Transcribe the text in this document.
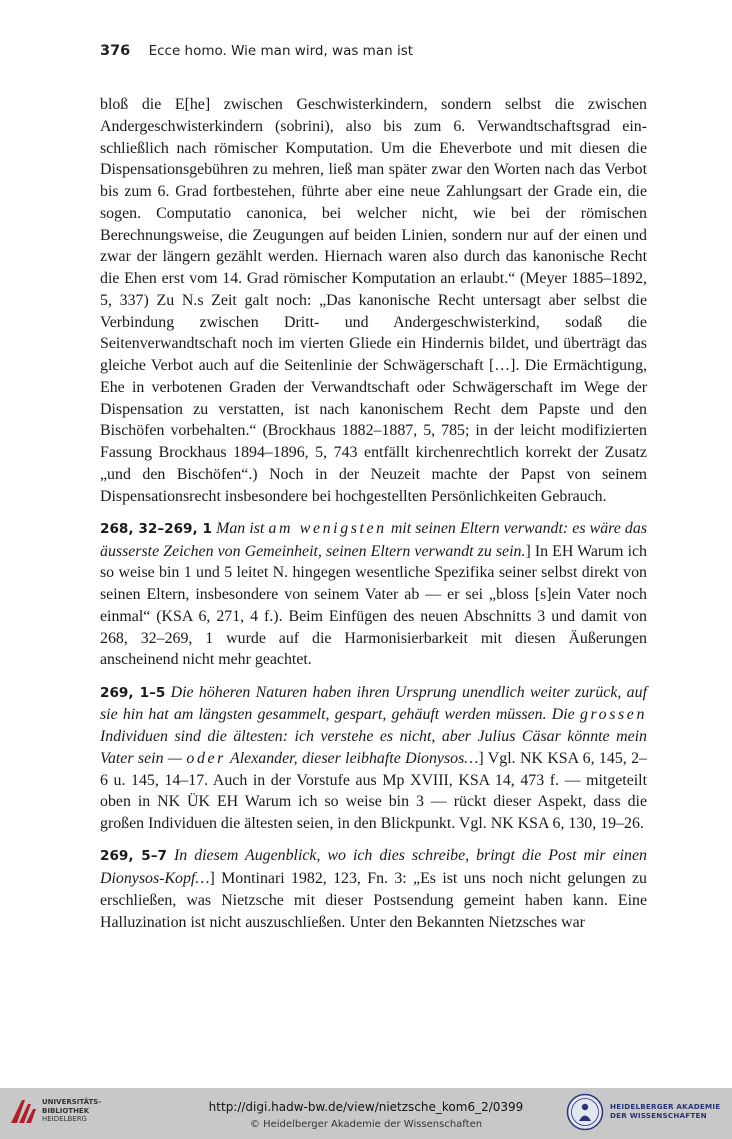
376 Ecce homo. Wie man wird, was man ist

bloß die E[he] zwischen Geschwisterkindern, sondern selbst die zwischen Andergeschwisterkindern (sobrini), also bis zum 6. Verwandtschaftsgrad einschließlich nach römischer Komputation. Um die Eheverbote und mit diesen die Dispensationsgebühren zu mehren, ließ man später zwar den Worten nach das Verbot bis zum 6. Grad fortbestehen, führte aber eine neue Zahlungsart der Grade ein, die sogen. Computatio canonica, bei welcher nicht, wie bei der römischen Berechnungsweise, die Zeugungen auf beiden Linien, sondern nur auf der einen und zwar der längern gezählt werden. Hiernach waren also durch das kanonische Recht die Ehen erst vom 14. Grad römischer Komputation an erlaubt.“ (Meyer 1885–1892, 5, 337) Zu N.s Zeit galt noch: „Das kanonische Recht untersagt aber selbst die Verbindung zwischen Dritt- und Andergeschwisterkind, sodaß die Seitenverwandtschaft noch im vierten Gliede ein Hindernis bildet, und überträgt das gleiche Verbot auch auf die Seitenlinie der Schwägerschaft […]. Die Ermächtigung, Ehe in verbotenen Graden der Verwandtschaft oder Schwägerschaft im Wege der Dispensation zu verstatten, ist nach kanonischem Recht dem Papste und den Bischöfen vorbehalten.“ (Brockhaus 1882–1887, 5, 785; in der leicht modifizierten Fassung Brockhaus 1894–1896, 5, 743 entfällt kirchenrechtlich korrekt der Zusatz „und den Bischöfen“.) Noch in der Neuzeit machte der Papst von seinem Dispensationsrecht insbesondere bei hochgestellten Persönlichkeiten Gebrauch.

268, 32–269, 1 Man ist am wenigsten mit seinen Eltern verwandt: es wäre das äusserste Zeichen von Gemeinheit, seinen Eltern verwandt zu sein.] In EH Warum ich so weise bin 1 und 5 leitet N. hingegen wesentliche Spezifika seiner selbst direkt von seinen Eltern, insbesondere von seinem Vater ab — er sei „bloss [s]ein Vater noch einmal“ (KSA 6, 271, 4 f.). Beim Einfügen des neuen Abschnitts 3 und damit von 268, 32–269, 1 wurde auf die Harmonisierbarkeit mit diesen Äußerungen anscheinend nicht mehr geachtet.

269, 1–5 Die höheren Naturen haben ihren Ursprung unendlich weiter zurück, auf sie hin hat am längsten gesammelt, gespart, gehäuft werden müssen. Die grossen Individuen sind die ältesten: ich verstehe es nicht, aber Julius Cäsar könnte mein Vater sein — oder Alexander, dieser leibhafte Dionysos…] Vgl. NK KSA 6, 145, 2–6 u. 145, 14–17. Auch in der Vorstufe aus Mp XVIII, KSA 14, 473 f. — mitgeteilt oben in NK ÜK EH Warum ich so weise bin 3 — rückt dieser Aspekt, dass die großen Individuen die ältesten seien, in den Blickpunkt. Vgl. NK KSA 6, 130, 19–26.

269, 5–7 In diesem Augenblick, wo ich dies schreibe, bringt die Post mir einen Dionysos-Kopf…] Montinari 1982, 123, Fn. 3: „Es ist uns noch nicht gelungen zu erschließen, was Nietzsche mit dieser Postsendung gemeint haben kann. Eine Halluzination ist nicht auszuschließen. Unter den Bekannten Nietzsches war

UNIVERSITÄTS-
BIBLIOTHEK
HEIDELBERG
http://digi.hadw-bw.de/view/nietzsche_kom6_2/0399
© Heidelberger Akademie der Wissenschaften
HEIDELBERGER AKADEMIE
DER WISSENSCHAFTEN
